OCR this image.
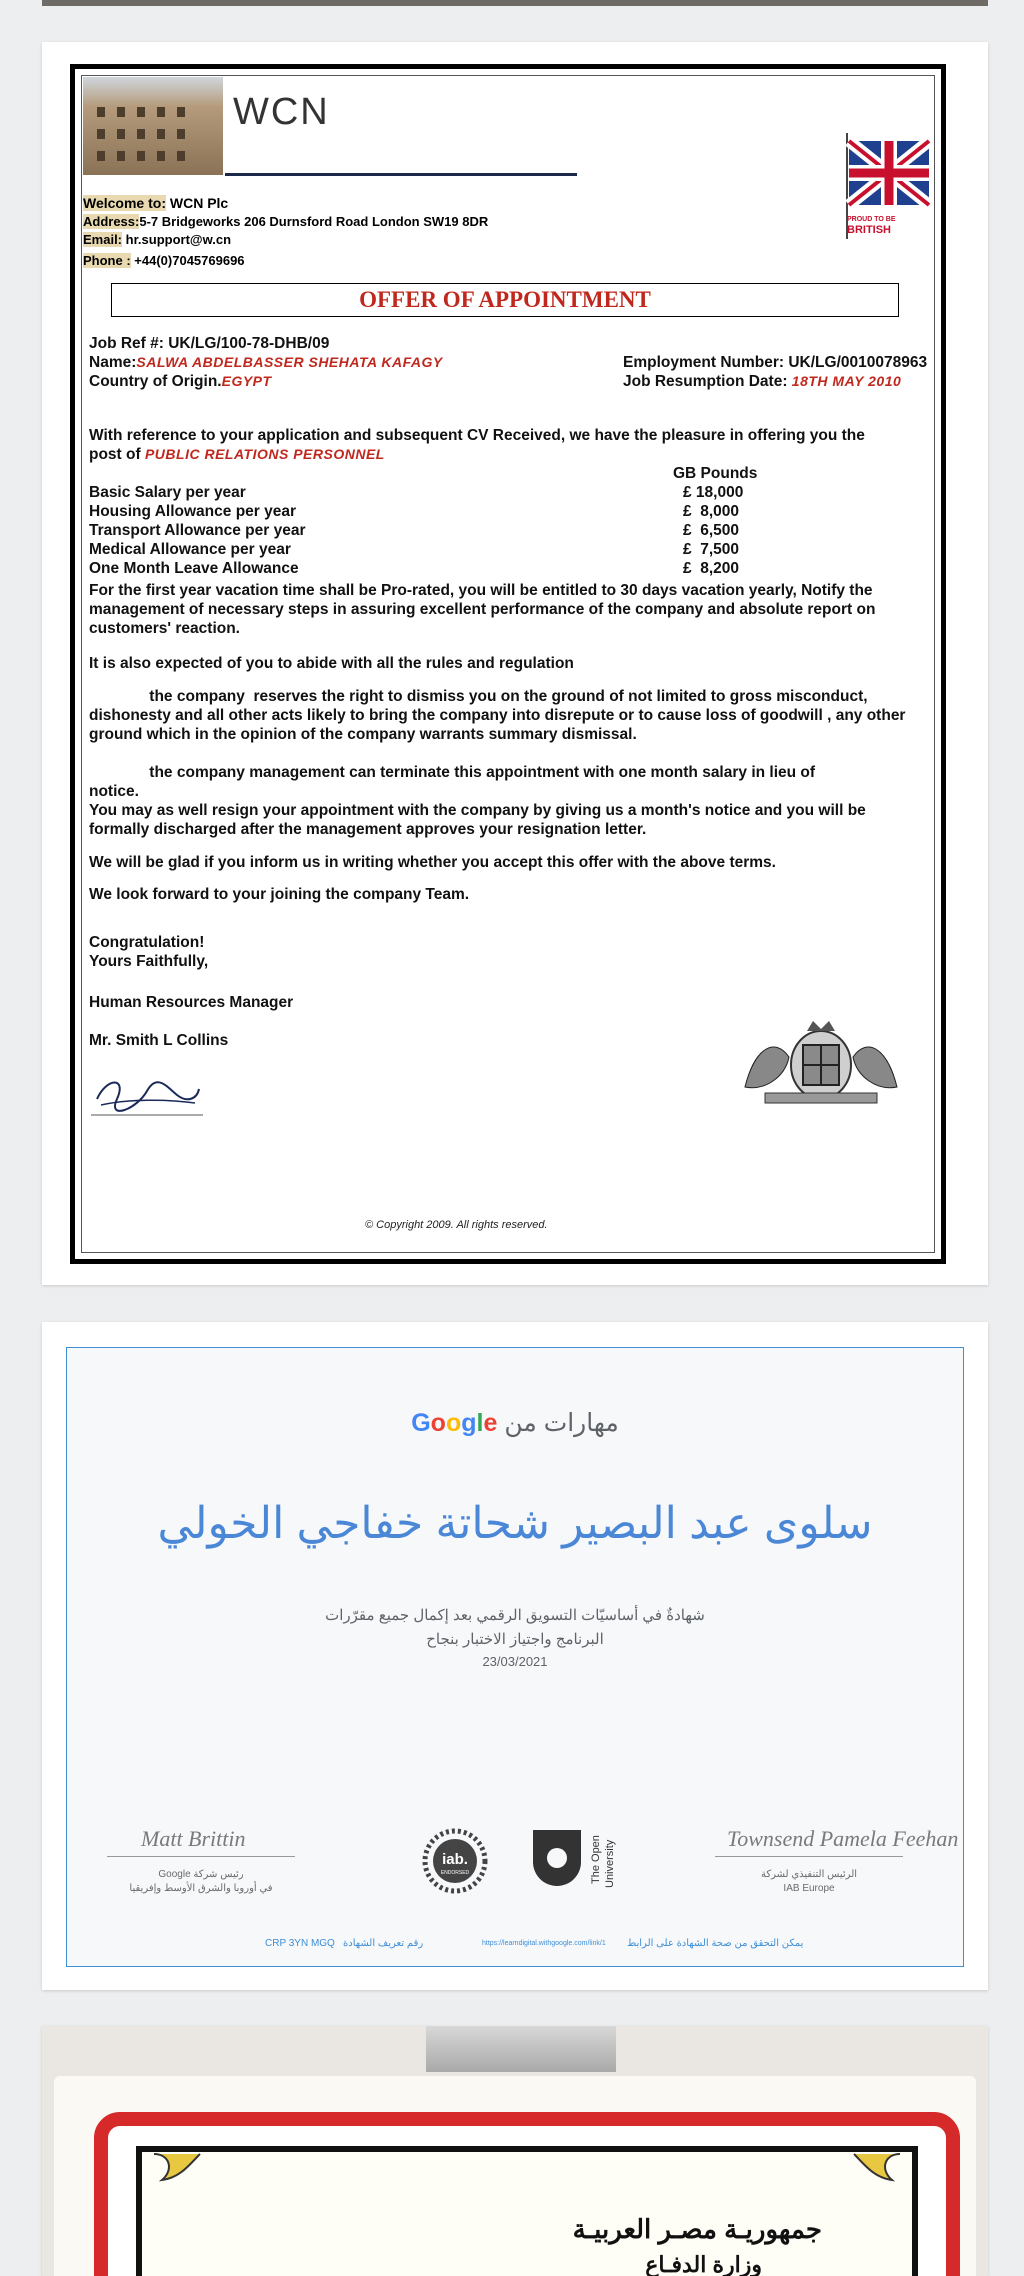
WCN
Welcome to: WCN Plc
Address:5-7 Bridgeworks 206 Durnsford Road London SW19 8DR
Email: hr.support@w.cn
Phone : +44(0)7045769696
PROUD TO BE
BRITISH
OFFER OF APPOINTMENT
Job Ref #: UK/LG/100-78-DHB/09
Name:SALWA ABDELBASSER SHEHATA KAFAGY
Country of Origin.EGYPT
Employment Number: UK/LG/0010078963
Job Resumption Date: 18TH MAY 2010
With reference to your application and subsequent CV Received, we have the pleasure in offering you the
post of PUBLIC RELATIONS PERSONNEL
GB Pounds
Basic Salary per year	£ 18,000
Housing Allowance per year	£  8,000
Transport Allowance per year	£  6,500
Medical Allowance per year	£  7,500
One Month Leave Allowance	£  8,200
For the first year vacation time shall be Pro-rated, you will be entitled to 30 days vacation yearly, Notify the
management of necessary steps in assuring excellent performance of the company and absolute report on
customers' reaction.
It is also expected of you to abide with all the rules and regulation
the company  reserves the right to dismiss you on the ground of not limited to gross misconduct,
dishonesty and all other acts likely to bring the company into disrepute or to cause loss of goodwill , any other
ground which in the opinion of the company warrants summary dismissal.
the company management can terminate this appointment with one month salary in lieu of
notice.
You may as well resign your appointment with the company by giving us a month's notice and you will be
formally discharged after the management approves your resignation letter.
We will be glad if you inform us in writing whether you accept this offer with the above terms.
We look forward to your joining the company Team.
Congratulation!
Yours Faithfully,
Human Resources Manager
Mr. Smith L Collins
© Copyright 2009. All rights reserved.
مهارات من Google
سلوى عبد البصير شحاتة خفاجي الخولي
شهادةٌ في أساسيّات التسويق الرقمي بعد إكمال جميع مقرّرات
البرنامج واجتياز الاختبار بنجاح
23/03/2021
Matt Brittin
رئيس شركة Google
في أوروبا والشرق الأوسط وإفريقيا
iab.
ENDORSED	The Open University
Townsend Pamela Feehan
الرئيس التنفيذي لشركة
IAB Europe
CRP 3YN MGQ رقم تعريف الشهادة	https://learndigital.withgoogle.com/link/1 يمكن التحقق من صحة الشهادة على الرابط
جمهوريـة مصـر العربيـة
وزارة الدفـاع
